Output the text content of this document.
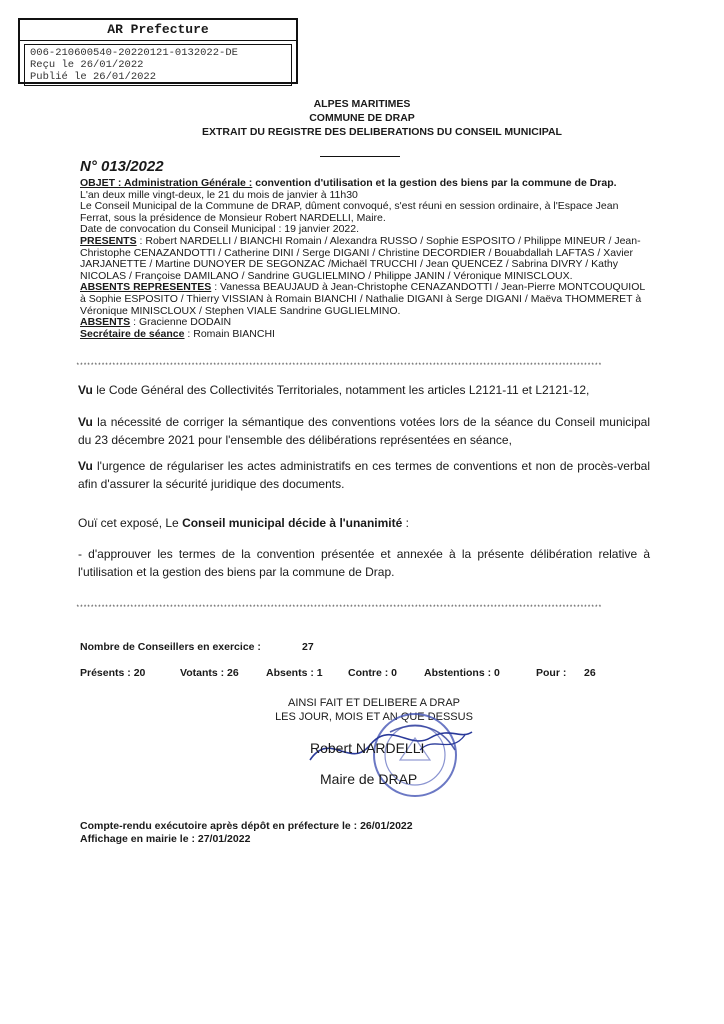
AR Prefecture
006-210600540-20220121-0132022-DE
Reçu le 26/01/2022
Publié le 26/01/2022
ALPES MARITIMES
COMMUNE DE DRAP
EXTRAIT DU REGISTRE DES DELIBERATIONS DU CONSEIL MUNICIPAL
N° 013/2022

OBJET : Administration Générale : convention d'utilisation et la gestion des biens par la commune de Drap.

L'an deux mille vingt-deux, le 21 du mois de janvier à 11h30

Le Conseil Municipal de la Commune de DRAP, dûment convoqué, s'est réuni en session ordinaire, à l'Espace Jean Ferrat, sous la présidence de Monsieur Robert NARDELLI, Maire.

Date de convocation du Conseil Municipal : 19 janvier 2022.

PRESENTS : Robert NARDELLI / BIANCHI Romain / Alexandra RUSSO / Sophie ESPOSITO / Philippe MINEUR / Jean-Christophe CENAZANDOTTI / Catherine DINI / Serge DIGANI / Christine DECORDIER / Bouabdallah LAFTAS / Xavier JARJANETTE / Martine DUNOYER DE SEGONZAC /Michaël TRUCCHI / Jean QUENCEZ / Sabrina DIVRY / Kathy NICOLAS / Françoise DAMILANO / Sandrine GUGLIELMINO / Philippe JANIN / Véronique MINISCLOUX.

ABSENTS REPRESENTES : Vanessa BEAUJAUD à Jean-Christophe CENAZANDOTTI / Jean-Pierre MONTCOUQUIOL à Sophie ESPOSITO / Thierry VISSIAN à Romain BIANCHI / Nathalie DIGANI à Serge DIGANI / Maëva THOMMERET à Véronique MINISCLOUX / Stephen VIALE Sandrine GUGLIELMINO.

ABSENTS : Gracienne DODAIN

Secrétaire de séance : Romain BIANCHI

**************************************************************************************************************************************************

Vu le Code Général des Collectivités Territoriales, notamment les articles L2121-11 et L2121-12,

Vu la nécessité de corriger la sémantique des conventions votées lors de la séance du Conseil municipal du 23 décembre 2021 pour l'ensemble des délibérations représentées en séance,

Vu l'urgence de régulariser les actes administratifs en ces termes de conventions et non de procès-verbal afin d'assurer la sécurité juridique des documents.

Ouï cet exposé, Le Conseil municipal décide à l'unanimité :

- d'approuver les termes de la convention présentée et annexée à la présente délibération relative à l'utilisation et la gestion des biens par la commune de Drap.

**************************************************************************************************************************************************
Nombre de Conseillers en exercice :	27
Présents : 20	Votants : 26	Absents : 1 Contre : 0	Abstentions : 0	Pour : 26
AINSI FAIT ET DELIBERE A DRAP
LES JOUR, MOIS ET AN QUE DESSUS
Robert NARDELLI
Maire de DRAP
Compte-rendu exécutoire après dépôt en préfecture le : 26/01/2022
Affichage en mairie le : 27/01/2022
